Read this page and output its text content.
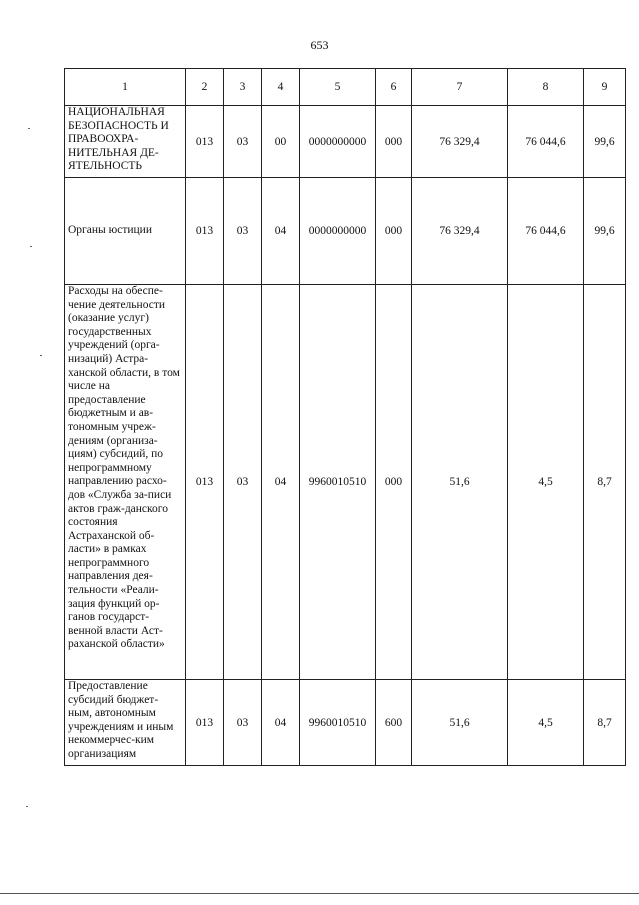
653
1	2	3	4	5	6	7	8	9
НАЦИОНАЛЬНАЯ БЕЗОПАСНОСТЬ И ПРАВООХРА-НИТЕЛЬНАЯ ДЕ-ЯТЕЛЬНОСТЬ	013	03	00	0000000000	000	76 329,4	76 044,6	99,6
Органы юстиции	013	03	04	0000000000	000	76 329,4	76 044,6	99,6
Расходы на обеспе-чение деятельности (оказание услуг) государственных учреждений (орга-низаций) Астра-ханской области, в том числе на предоставление бюджетным и ав-тономным учреж-дениям (организа-циям) субсидий, по непрограммному направлению расхо-дов «Служба за-писи актов граж-данского состояния Астраханской об-ласти» в рамках непрограммного направления дея-тельности «Реали-зация функций ор-ганов государст-венной власти Аст-раханской области»	013	03	04	9960010510	000	51,6	4,5	8,7
Предоставление субсидий бюджет-ным, автономным учреждениям и иным некоммерчес-ким организациям	013	03	04	9960010510	600	51,6	4,5	8,7
